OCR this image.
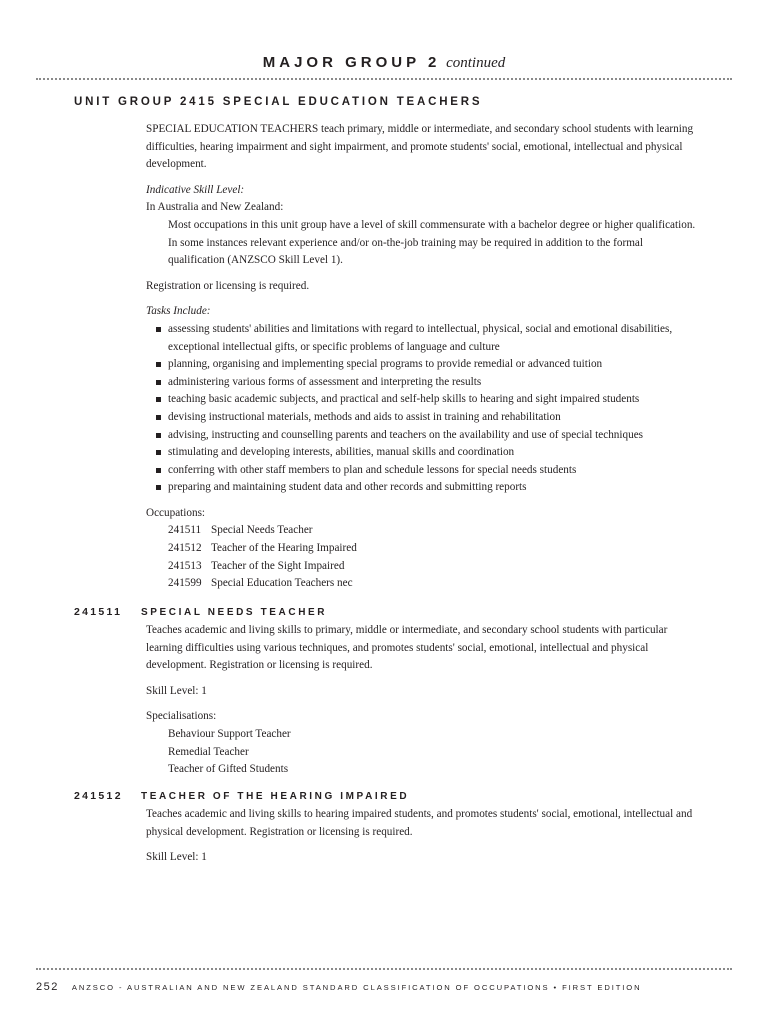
MAJOR GROUP 2 continued
UNIT GROUP 2415 SPECIAL EDUCATION TEACHERS

SPECIAL EDUCATION TEACHERS teach primary, middle or intermediate, and secondary school students with learning difficulties, hearing impairment and sight impairment, and promote students' social, emotional, intellectual and physical development.

Indicative Skill Level:

In Australia and New Zealand:

Most occupations in this unit group have a level of skill commensurate with a bachelor degree or higher qualification. In some instances relevant experience and/or on-the-job training may be required in addition to the formal qualification (ANZSCO Skill Level 1).

Registration or licensing is required.

Tasks Include:

assessing students' abilities and limitations with regard to intellectual, physical, social and emotional disabilities, exceptional intellectual gifts, or specific problems of language and culture
planning, organising and implementing special programs to provide remedial or advanced tuition
administering various forms of assessment and interpreting the results
teaching basic academic subjects, and practical and self-help skills to hearing and sight impaired students
devising instructional materials, methods and aids to assist in training and rehabilitation
advising, instructing and counselling parents and teachers on the availability and use of special techniques
stimulating and developing interests, abilities, manual skills and coordination
conferring with other staff members to plan and schedule lessons for special needs students
preparing and maintaining student data and other records and submitting reports

Occupations:

241511 Special Needs Teacher
241512 Teacher of the Hearing Impaired
241513 Teacher of the Sight Impaired
241599 Special Education Teachers nec
241511 SPECIAL NEEDS TEACHER

Teaches academic and living skills to primary, middle or intermediate, and secondary school students with particular learning difficulties using various techniques, and promotes students' social, emotional, intellectual and physical development. Registration or licensing is required.

Skill Level: 1

Specialisations:

Behaviour Support Teacher
Remedial Teacher
Teacher of Gifted Students
241512 TEACHER OF THE HEARING IMPAIRED

Teaches academic and living skills to hearing impaired students, and promotes students' social, emotional, intellectual and physical development. Registration or licensing is required.

Skill Level: 1

252 ANZSCO - AUSTRALIAN AND NEW ZEALAND STANDARD CLASSIFICATION OF OCCUPATIONS • FIRST EDITION
